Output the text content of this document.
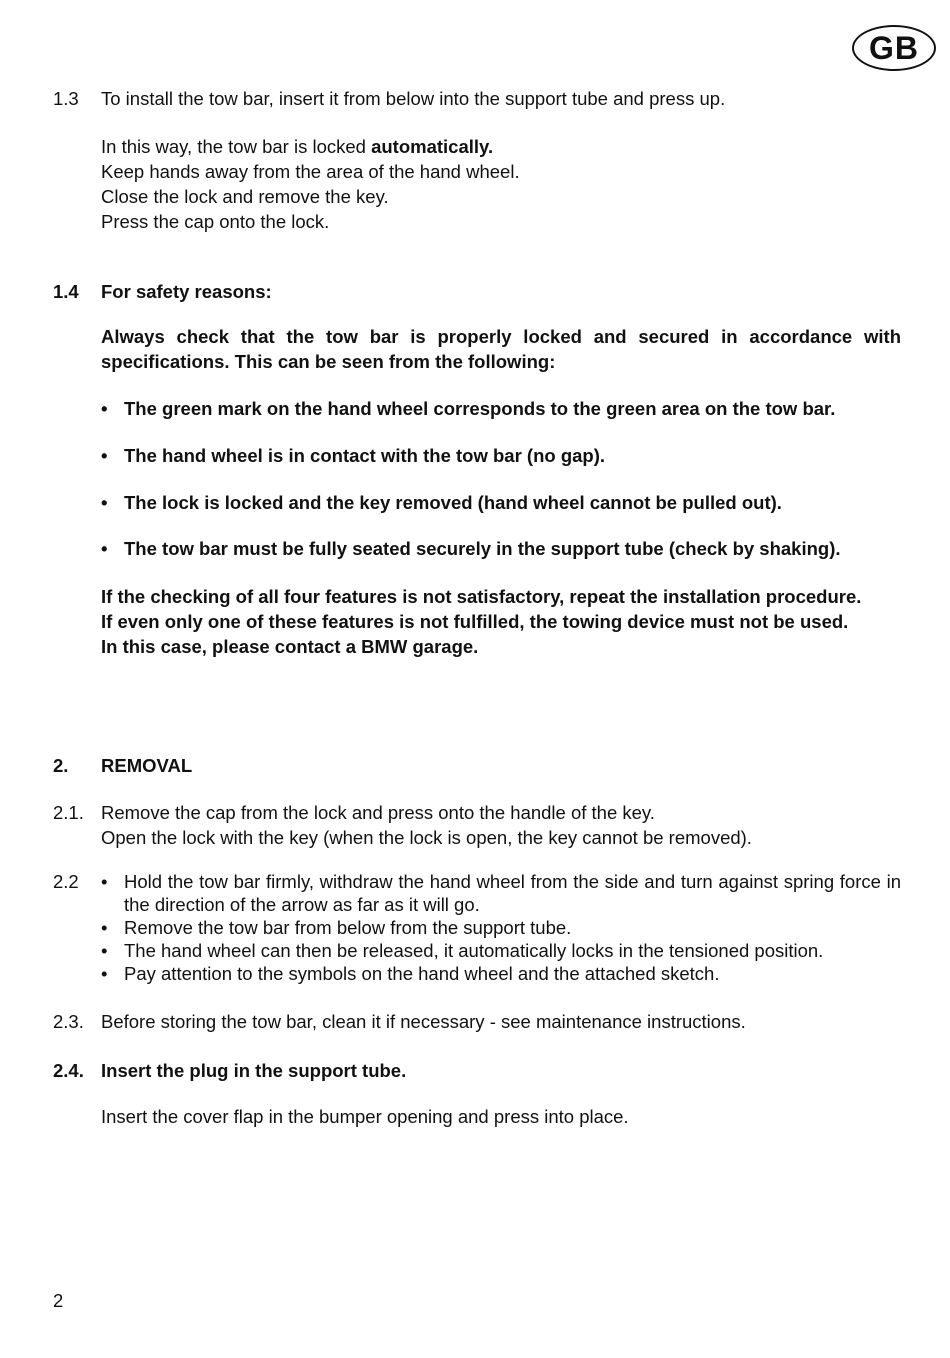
GB
1.3 To install the tow bar, insert it from below into the support tube and press up.
In this way, the tow bar is locked automatically.
Keep hands away from the area of the hand wheel.
Close the lock and remove the key.
Press the cap onto the lock.
1.4 For safety reasons:
Always check that the tow bar is properly locked and secured in accordance with specifications. This can be seen from the following:
• The green mark on the hand wheel corresponds to the green area on the tow bar.
• The hand wheel is in contact with the tow bar (no gap).
• The lock is locked and the key removed (hand wheel cannot be pulled out).
• The tow bar must be fully seated securely in the support tube (check by shaking).
If the checking of all four features is not satisfactory, repeat the installation procedure.
If even only one of these features is not fulfilled, the towing device must not be used.
In this case, please contact a BMW garage.
2. REMOVAL
2.1. Remove the cap from the lock and press onto the handle of the key.
Open the lock with the key (when the lock is open, the key cannot be removed).
2.2 • Hold the tow bar firmly, withdraw the hand wheel from the side and turn against spring force in the direction of the arrow as far as it will go.
• Remove the tow bar from below from the support tube.
• The hand wheel can then be released, it automatically locks in the tensioned position.
• Pay attention to the symbols on the hand wheel and the attached sketch.
2.3. Before storing the tow bar, clean it if necessary - see maintenance instructions.
2.4. Insert the plug in the support tube.
Insert the cover flap in the bumper opening and press into place.
2
